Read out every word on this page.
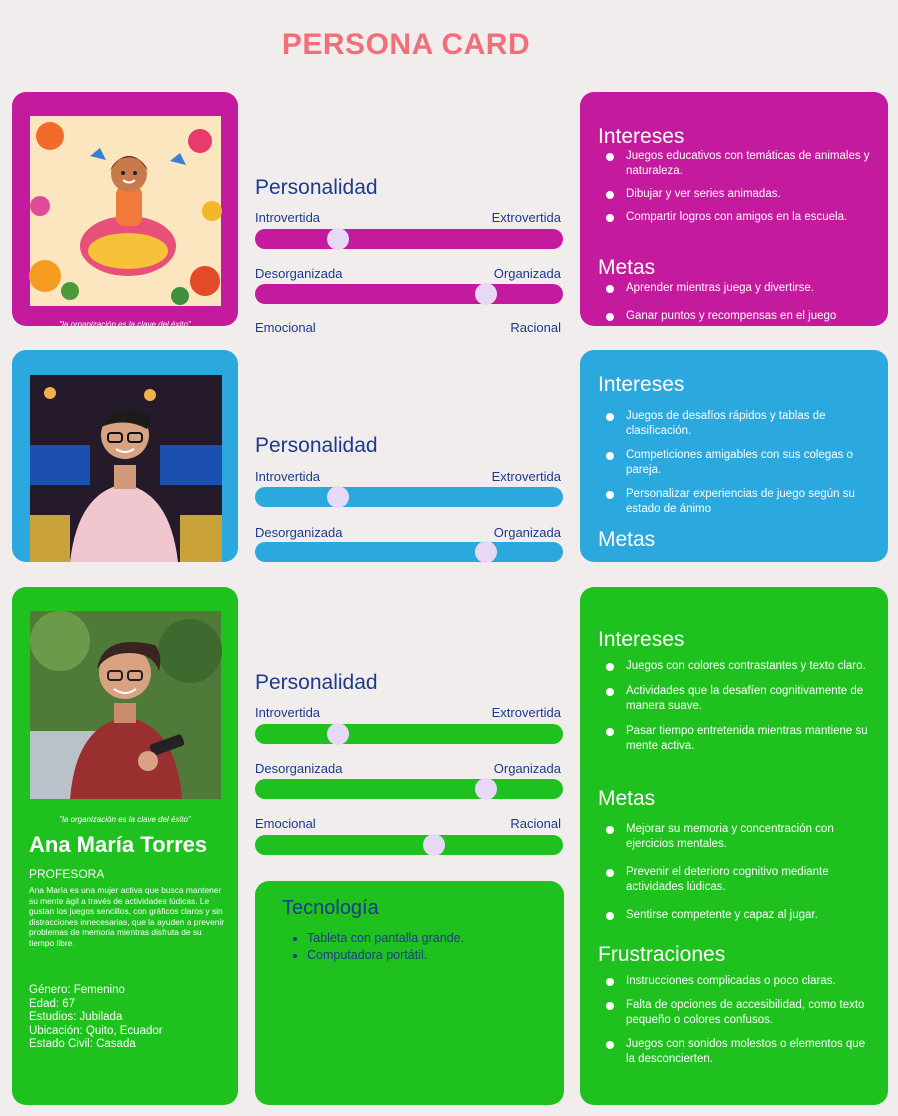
PERSONA CARD
"la organización es la clave del éxito"
Personalidad
Introvertida	Extrovertida
Desorganizada	Organizada
Emocional	Racional
Intereses
Juegos educativos con temáticas de animales y naturaleza.
Dibujar y ver series animadas.
Compartir logros con amigos en la escuela.
Metas
Aprender mientras juega y divertirse.
Ganar puntos y recompensas en el juego
Personalidad
Introvertida	Extrovertida
Desorganizada	Organizada
Intereses
Juegos de desafíos rápidos y tablas de clasificación.
Competiciones amigables con sus colegas o pareja.
Personalizar experiencias de juego según su estado de ánimo
Metas
"la organización es la clave del éxito"
Ana María Torres
PROFESORA
Ana María es una mujer activa que busca mantener su mente ágil a través de actividades lúdicas. Le gustan los juegos sencillos, con gráficos claros y sin distracciones innecesarias, que la ayuden a prevenir problemas de memoria mientras disfruta de su tiempo libre.
Género: Femenino
Edad: 67
Estudios: Jubilada
Ubicación: Quito, Ecuador
Estado Civil: Casada
Personalidad
Introvertida	Extrovertida
Desorganizada	Organizada
Emocional	Racional
Tecnología
• Tableta con pantalla grande.
• Computadora portátil.
Intereses
Juegos con colores contrastantes y texto claro.
Actividades que la desafíen cognitivamente de manera suave.
Pasar tiempo entretenida mientras mantiene su mente activa.
Metas
Mejorar su memoria y concentración con ejercicios mentales.
Prevenir el deterioro cognitivo mediante actividades lúdicas.
Sentirse competente y capaz al jugar.
Frustraciones
Instrucciones complicadas o poco claras.
Falta de opciones de accesibilidad, como texto pequeño o colores confusos.
Juegos con sonidos molestos o elementos que la desconcierten.
